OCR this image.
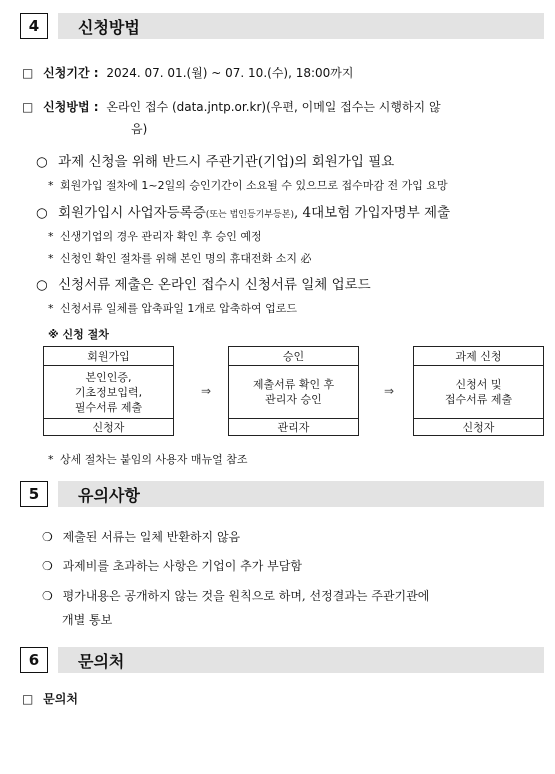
4	신청방법
□ 신청기간 : 2024. 07. 01.(월) ~ 07. 10.(수), 18:00까지
□ 신청방법 : 온라인 접수 (data.jntp.or.kr)(우편, 이메일 접수는 시행하지 않
음)
○ 과제 신청을 위해 반드시 주관기관(기업)의 회원가입 필요
* 회원가입 절차에 1~2일의 승인기간이 소요될 수 있으므로 접수마감 전 가입 요망
○ 회원가입시 사업자등록증(또는 법인등기부등본), 4대보험 가입자명부 제출
* 신생기업의 경우 관리자 확인 후 승인 예정
* 신청인 확인 절차를 위해 본인 명의 휴대전화 소지 必
○ 신청서류 제출은 온라인 접수시 신청서류 일체 업로드
* 신청서류 일체를 압축파일 1개로 압축하여 업로드
※ 신청 절차
회원가입
본인인증,
기초정보입력,
필수서류 제출
신청자
⇒
승인
제출서류 확인 후
관리자 승인
관리자
⇒
과제 신청
신청서 및
접수서류 제출
신청자
* 상세 절차는 붙임의 사용자 매뉴얼 참조
5	유의사항
❍ 제출된 서류는 일체 반환하지 않음
❍ 과제비를 초과하는 사항은 기업이 추가 부담함
❍ 평가내용은 공개하지 않는 것을 원칙으로 하며, 선정결과는 주관기관에
개별 통보
6	문의처
□ 문의처
